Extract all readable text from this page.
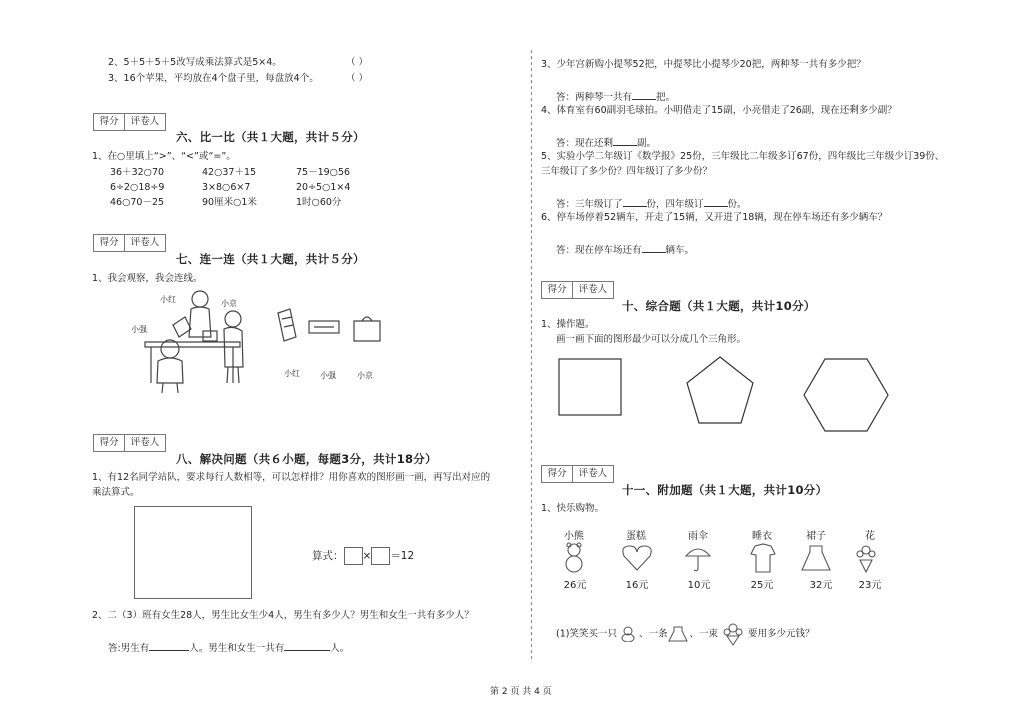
2、5＋5＋5＋5改写成乘法算式是5×4。	（ ）
3、16个苹果，平均放在4个盘子里，每盘放4个。	（ ）
得分	评卷人
六、比一比（共１大题，共计５分）
1、在○里填上“>”、“<”或“=”。
36＋32○70	42○37＋15	75－19○56
6÷2○18÷9	3×8○6×7	20÷5○1×4
46○70－25	90厘米○1米	1时○60分
得分	评卷人
七、连一连（共１大题，共计５分）
1、我会观察，我会连线。
小红	小京
小强
小红	小强	小京
得分	评卷人
八、解决问题（共６小题，每题3分，共计18分）
1、有12名同学站队，要求每行人数相等，可以怎样排？用你喜欢的图形画一画，再写出对应的
乘法算式。
算式： × ＝12
2、二（3）班有女生28人，男生比女生少4人，男生有多少人？男生和女生一共有多少人？
答:男生有	人。男生和女生一共有	人。
3、少年宫新购小提琴52把，中提琴比小提琴少20把，两种琴一共有多少把？
答：两种琴一共有	把。
4、体育室有60副羽毛球拍。小明借走了15副，小亮借走了26副，现在还剩多少副？
答：现在还剩	副。
5、实验小学二年级订《数学报》25份，三年级比二年级多订67份，四年级比三年级少订39份、
三年级订了多少份？四年级订了多少份？
答：三年级订了	份，四年级订	份。
6、停车场停着52辆车，开走了15辆，又开进了18辆，现在停车场还有多少辆车？
答：现在停车场还有	辆车。
得分	评卷人
十、综合题（共１大题，共计10分）
1、操作题。
画一画下面的图形最少可以分成几个三角形。
得分	评卷人
十一、附加题（共１大题，共计10分）
1、快乐购物。
小熊	蛋糕	雨伞	睡衣	裙子	花
26元	16元	10元	25元	32元	23元
(1)笑笑买一只 、一条 、一束	要用多少元钱？
第 2 页 共 4 页
